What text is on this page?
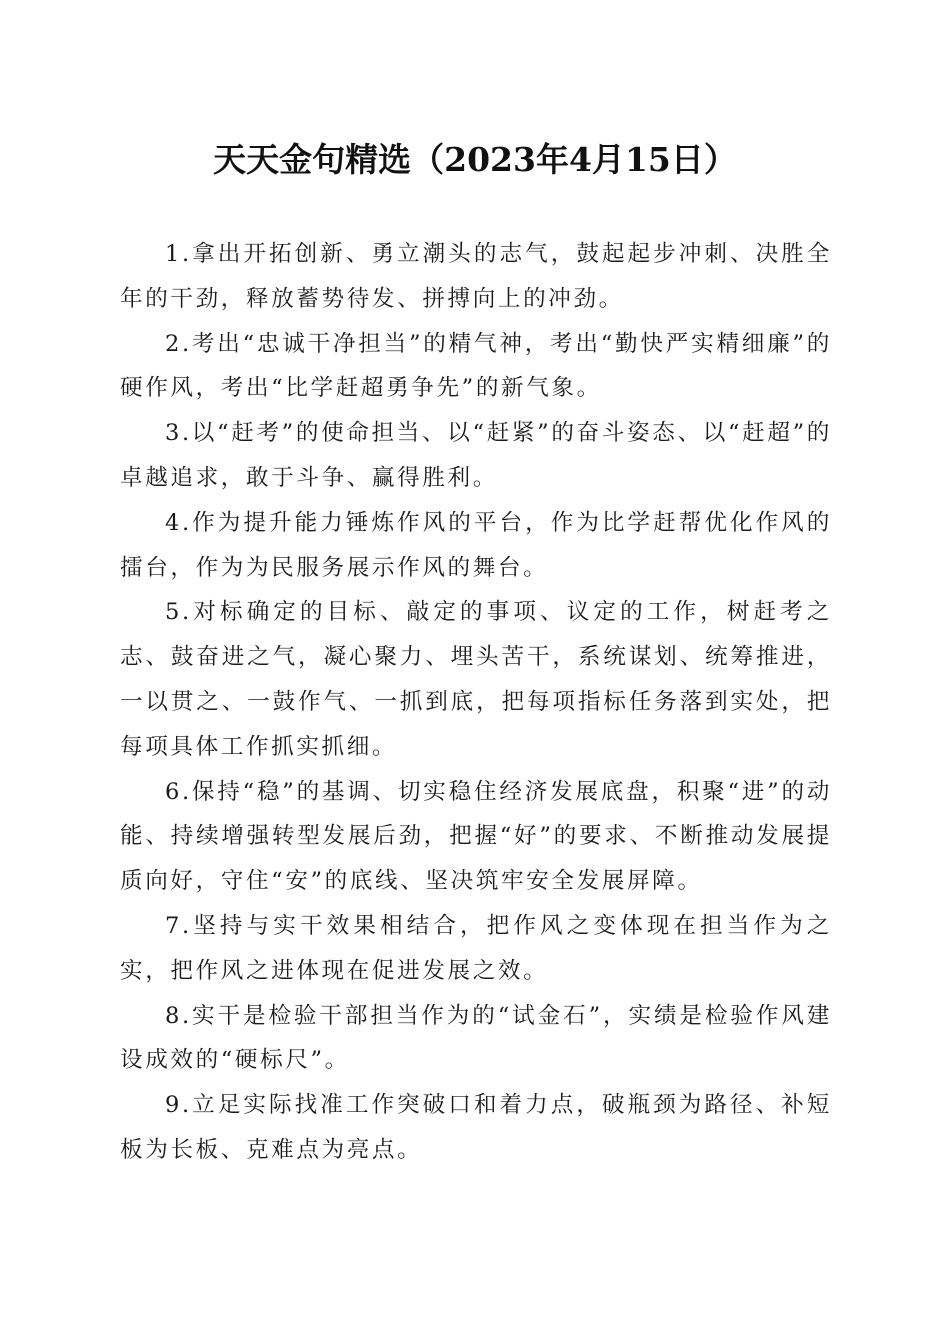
天天金句精选（2023年4月15日）

1.拿出开拓创新、勇立潮头的志气，鼓起起步冲刺、决胜全年的干劲，释放蓄势待发、拼搏向上的冲劲。

2.考出“忠诚干净担当”的精气神，考出“勤快严实精细廉”的硬作风，考出“比学赶超勇争先”的新气象。

3.以“赶考”的使命担当、以“赶紧”的奋斗姿态、以“赶超”的卓越追求，敢于斗争、赢得胜利。

4.作为提升能力锤炼作风的平台，作为比学赶帮优化作风的擂台，作为为民服务展示作风的舞台。

5.对标确定的目标、敲定的事项、议定的工作，树赶考之志、鼓奋进之气，凝心聚力、埋头苦干，系统谋划、统筹推进，一以贯之、一鼓作气、一抓到底，把每项指标任务落到实处，把每项具体工作抓实抓细。

6.保持“稳”的基调、切实稳住经济发展底盘，积聚“进”的动能、持续增强转型发展后劲，把握“好”的要求、不断推动发展提质向好，守住“安”的底线、坚决筑牢安全发展屏障。

7.坚持与实干效果相结合，把作风之变体现在担当作为之实，把作风之进体现在促进发展之效。

8.实干是检验干部担当作为的“试金石”，实绩是检验作风建设成效的“硬标尺”。

9.立足实际找准工作突破口和着力点，破瓶颈为路径、补短板为长板、克难点为亮点。
